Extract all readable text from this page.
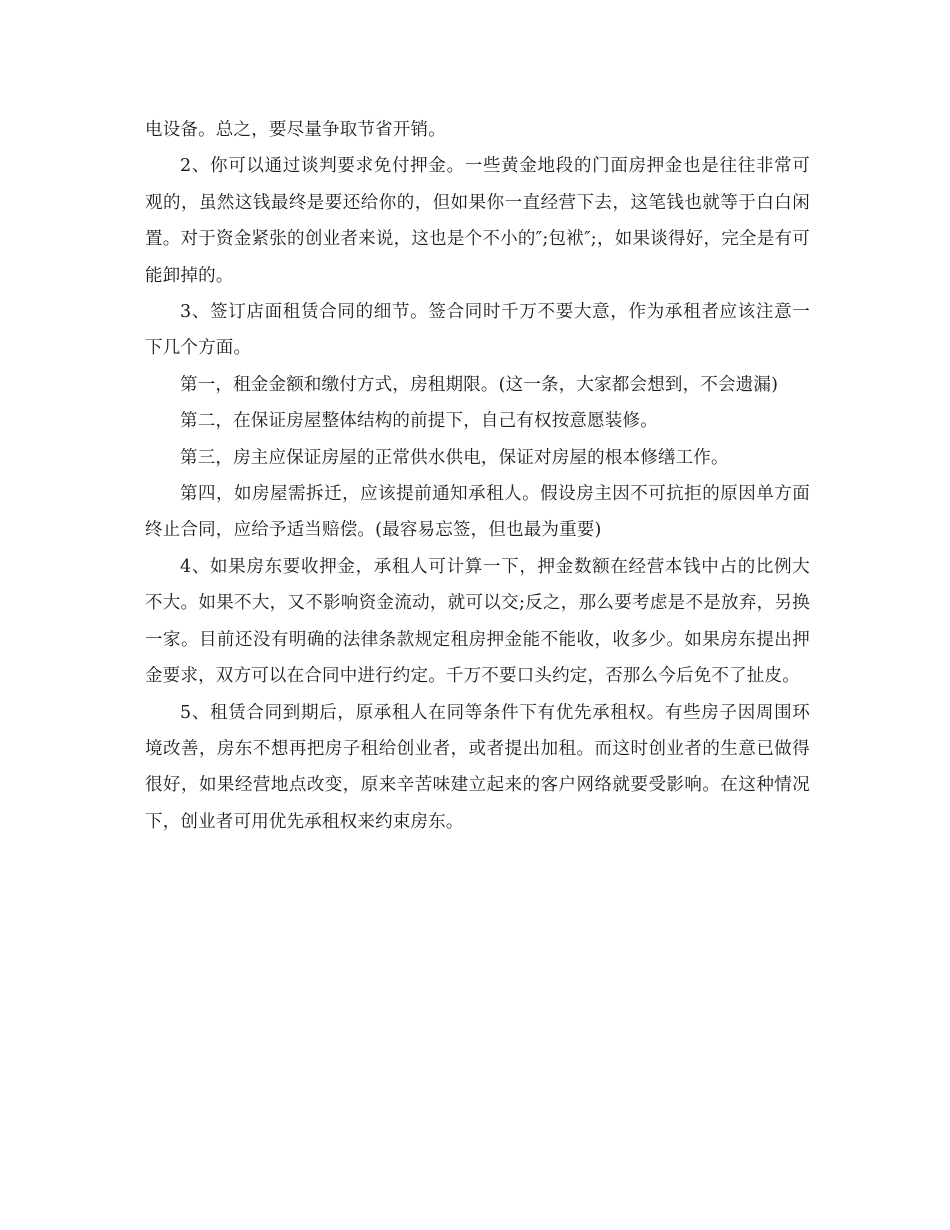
电设备。总之，要尽量争取节省开销。

2、你可以通过谈判要求免付押金。一些黄金地段的门面房押金也是往往非常可观的，虽然这钱最终是要还给你的，但如果你一直经营下去，这笔钱也就等于白白闲置。对于资金紧张的创业者来说，这也是个不小的″;包袱″;，如果谈得好，完全是有可能卸掉的。

3、签订店面租赁合同的细节。签合同时千万不要大意，作为承租者应该注意一下几个方面。

第一，租金金额和缴付方式，房租期限。(这一条，大家都会想到，不会遗漏)

第二，在保证房屋整体结构的前提下，自己有权按意愿装修。

第三，房主应保证房屋的正常供水供电，保证对房屋的根本修缮工作。

第四，如房屋需拆迁，应该提前通知承租人。假设房主因不可抗拒的原因单方面终止合同，应给予适当赔偿。(最容易忘签，但也最为重要)

4、如果房东要收押金，承租人可计算一下，押金数额在经营本钱中占的比例大不大。如果不大，又不影响资金流动，就可以交;反之，那么要考虑是不是放弃，另换一家。目前还没有明确的法律条款规定租房押金能不能收，收多少。如果房东提出押金要求，双方可以在合同中进行约定。千万不要口头约定，否那么今后免不了扯皮。

5、租赁合同到期后，原承租人在同等条件下有优先承租权。有些房子因周围环境改善，房东不想再把房子租给创业者，或者提出加租。而这时创业者的生意已做得很好，如果经营地点改变，原来辛苦味建立起来的客户网络就要受影响。在这种情况下，创业者可用优先承租权来约束房东。
